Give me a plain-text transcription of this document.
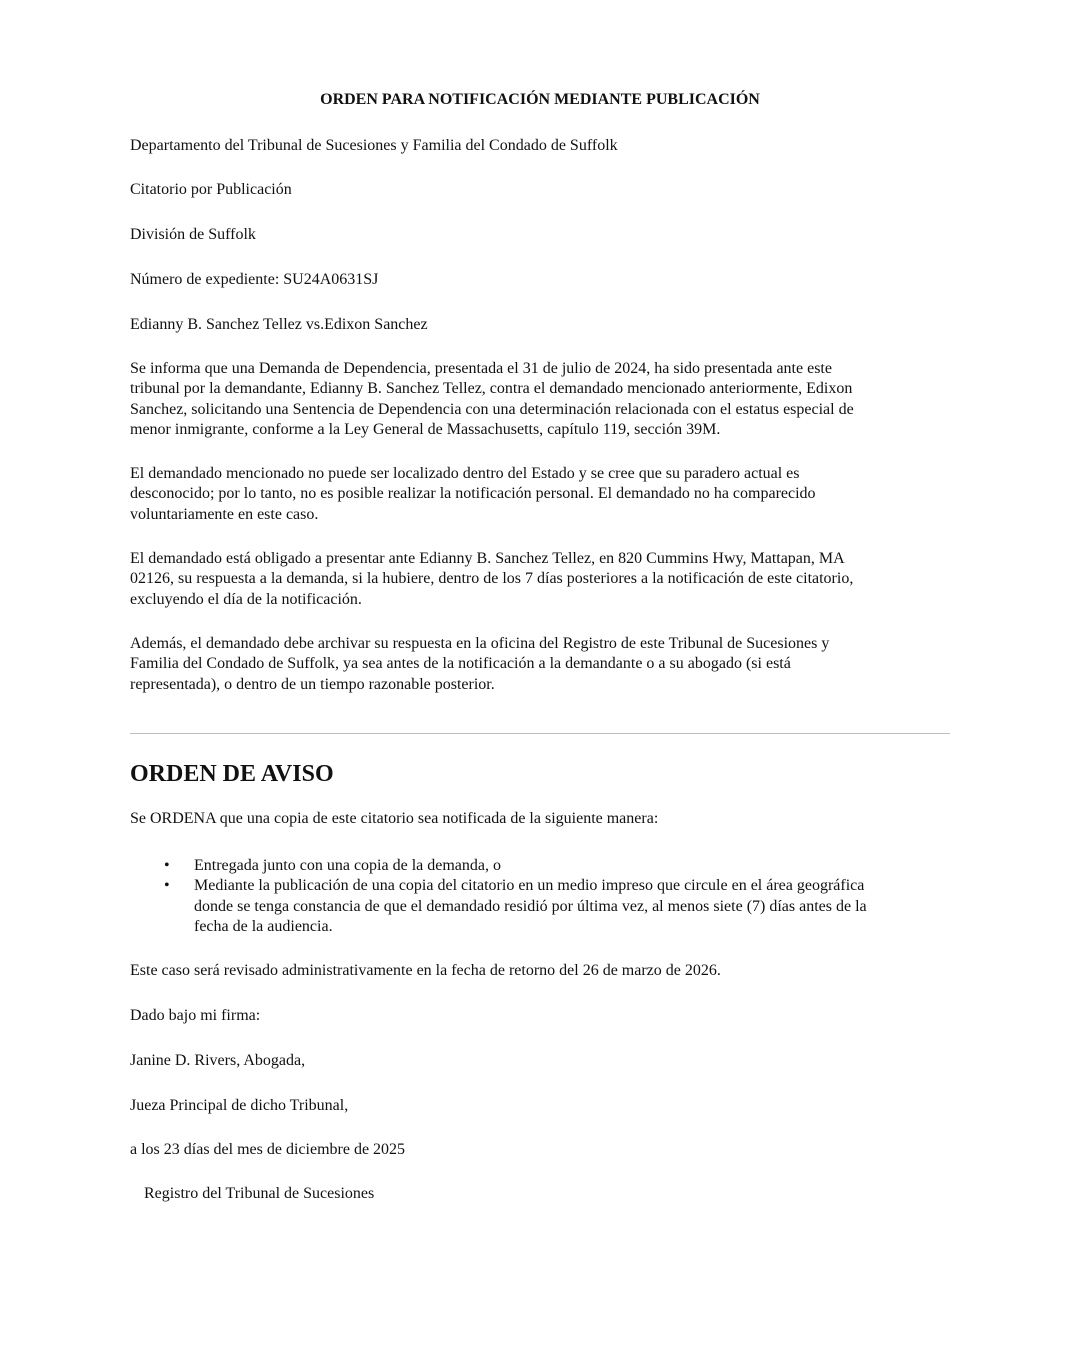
ORDEN PARA NOTIFICACIÓN MEDIANTE PUBLICACIÓN

Departamento del Tribunal de Sucesiones y Familia del Condado de Suffolk

Citatorio por Publicación

División de Suffolk

Número de expediente: SU24A0631SJ

Edianny B. Sanchez Tellez vs.Edixon Sanchez

Se informa que una Demanda de Dependencia, presentada el 31 de julio de 2024, ha sido presentada ante este
tribunal por la demandante, Edianny B. Sanchez Tellez, contra el demandado mencionado anteriormente, Edixon
Sanchez, solicitando una Sentencia de Dependencia con una determinación relacionada con el estatus especial de
menor inmigrante, conforme a la Ley General de Massachusetts, capítulo 119, sección 39M.
El demandado mencionado no puede ser localizado dentro del Estado y se cree que su paradero actual es
desconocido; por lo tanto, no es posible realizar la notificación personal. El demandado no ha comparecido
voluntariamente en este caso.
El demandado está obligado a presentar ante Edianny B. Sanchez Tellez, en 820 Cummins Hwy, Mattapan, MA
02126, su respuesta a la demanda, si la hubiere, dentro de los 7 días posteriores a la notificación de este citatorio,
excluyendo el día de la notificación.
Además, el demandado debe archivar su respuesta en la oficina del Registro de este Tribunal de Sucesiones y
Familia del Condado de Suffolk, ya sea antes de la notificación a la demandante o a su abogado (si está
representada), o dentro de un tiempo razonable posterior.
ORDEN DE AVISO

Se ORDENA que una copia de este citatorio sea notificada de la siguiente manera:

• Entregada junto con una copia de la demanda, o
• Mediante la publicación de una copia del citatorio en un medio impreso que circule en el área geográfica
donde se tenga constancia de que el demandado residió por última vez, al menos siete (7) días antes de la
fecha de la audiencia.

Este caso será revisado administrativamente en la fecha de retorno del 26 de marzo de 2026.

Dado bajo mi firma:

Janine D. Rivers, Abogada,

Jueza Principal de dicho Tribunal,

a los 23 días del mes de diciembre de 2025

Registro del Tribunal de Sucesiones
